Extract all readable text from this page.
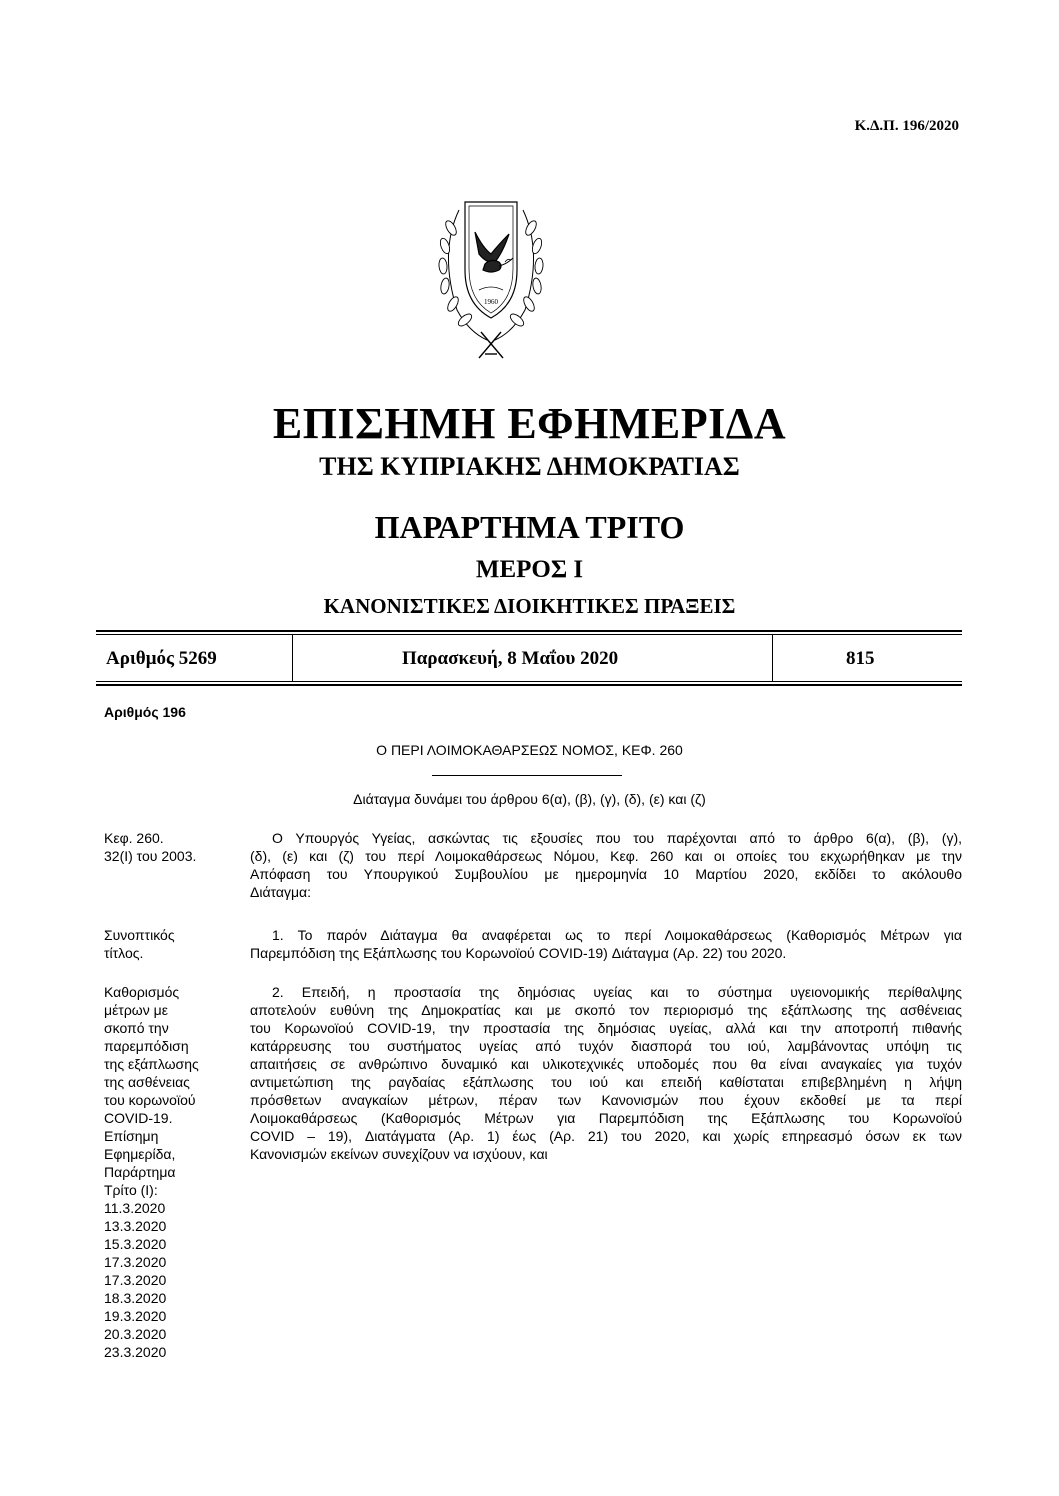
Κ.Δ.Π. 196/2020
1960
ΕΠΙΣΗΜΗ ΕΦΗΜΕΡΙΔΑ
ΤΗΣ ΚΥΠΡΙΑΚΗΣ ΔΗΜΟΚΡΑΤΙΑΣ
ΠΑΡΑΡΤΗΜΑ ΤΡΙΤΟ
ΜΕΡΟΣ Ι
ΚΑΝΟΝΙΣΤΙΚΕΣ ΔΙΟΙΚΗΤΙΚΕΣ ΠΡΑΞΕΙΣ
Αριθμός 5269	Παρασκευή, 8 Μαΐου 2020	815
Αριθμός 196
Ο ΠΕΡΙ ΛΟΙΜΟΚΑΘΑΡΣΕΩΣ ΝΟΜΟΣ, ΚΕΦ. 260
Διάταγμα δυνάμει του άρθρου 6(α), (β), (γ), (δ), (ε) και (ζ)
Κεφ. 260.
32(Ι) του 2003.
Ο Υπουργός Υγείας, ασκώντας τις εξουσίες που του παρέχονται από το άρθρο 6(α), (β), (γ),
(δ), (ε) και (ζ) του περί Λοιμοκαθάρσεως Νόμου, Κεφ. 260 και οι οποίες του εκχωρήθηκαν με την
Απόφαση του Υπουργικού Συμβουλίου με ημερομηνία 10 Μαρτίου 2020, εκδίδει το ακόλουθο
Διάταγμα:
Συνοπτικός
τίτλος.
1. Το παρόν Διάταγμα θα αναφέρεται ως το περί Λοιμοκαθάρσεως (Καθορισμός Μέτρων για
Παρεμπόδιση της Εξάπλωσης του Κορωνοϊού COVID-19) Διάταγμα (Αρ. 22) του 2020.
Καθορισμός
μέτρων με
σκοπό την
παρεμπόδιση
της εξάπλωσης
της ασθένειας
του κορωνοϊού
COVID-19.
Επίσημη
Εφημερίδα,
Παράρτημα
Τρίτο (Ι):
11.3.2020
13.3.2020
15.3.2020
17.3.2020
17.3.2020
18.3.2020
19.3.2020
20.3.2020
23.3.2020
2. Επειδή, η προστασία της δημόσιας υγείας και το σύστημα υγειονομικής περίθαλψης
αποτελούν ευθύνη της Δημοκρατίας και με σκοπό τον περιορισμό της εξάπλωσης της ασθένειας
του Κορωνοϊού COVID-19, την προστασία της δημόσιας υγείας, αλλά και την αποτροπή πιθανής
κατάρρευσης του συστήματος υγείας από τυχόν διασπορά του ιού, λαμβάνοντας υπόψη τις
απαιτήσεις σε ανθρώπινο δυναμικό και υλικοτεχνικές υποδομές που θα είναι αναγκαίες για τυχόν
αντιμετώπιση της ραγδαίας εξάπλωσης του ιού και επειδή καθίσταται επιβεβλημένη η λήψη
πρόσθετων αναγκαίων μέτρων, πέραν των Κανονισμών που έχουν εκδοθεί με τα περί
Λοιμοκαθάρσεως (Καθορισμός Μέτρων για Παρεμπόδιση της Εξάπλωσης του Κορωνοϊού
COVID – 19), Διατάγματα (Αρ. 1) έως (Αρ. 21) του 2020, και χωρίς επηρεασμό όσων εκ των
Κανονισμών εκείνων συνεχίζουν να ισχύουν, και
